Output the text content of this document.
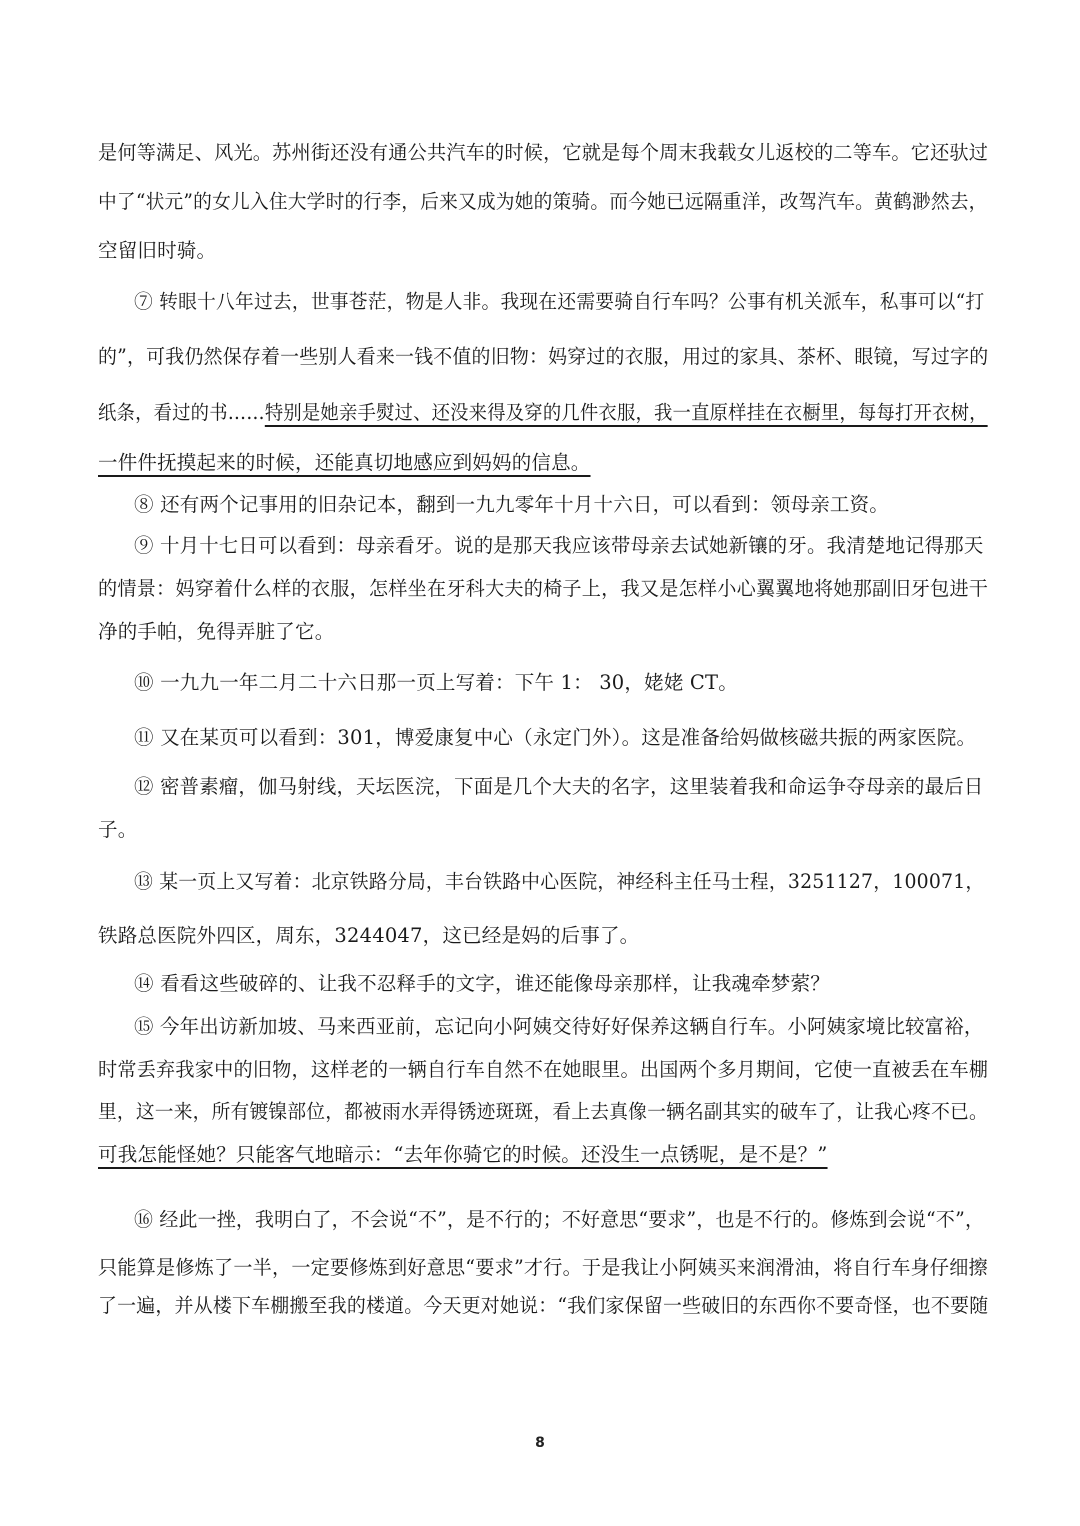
是何等满足、风光。苏州街还没有通公共汽车的时候，它就是每个周末我载女儿返校的二等车。它还驮过
中了“状元”的女儿入住大学时的行李，后来又成为她的策骑。而今她已远隔重洋，改驾汽车。黄鹤渺然去，
空留旧时骑。
⑦ 转眼十八年过去，世事苍茫，物是人非。我现在还需要骑自行车吗？公事有机关派车，私事可以“打
的”，可我仍然保存着一些别人看来一钱不值的旧物：妈穿过的衣服，用过的家具、茶杯、眼镜，写过字的
纸条，看过的书……特别是她亲手熨过、还没来得及穿的几件衣服，我一直原样挂在衣橱里，每每打开衣树，
一件件抚摸起来的时候，还能真切地感应到妈妈的信息。
⑧ 还有两个记事用的旧杂记本，翻到一九九零年十月十六日，可以看到：领母亲工资。
⑨ 十月十七日可以看到：母亲看牙。说的是那天我应该带母亲去试她新镶的牙。我清楚地记得那天
的情景：妈穿着什么样的衣服，怎样坐在牙科大夫的椅子上，我又是怎样小心翼翼地将她那副旧牙包进干
净的手帕，免得弄脏了它。
⑩ 一九九一年二月二十六日那一页上写着：下午 1： 30，姥姥 CT。
⑪ 又在某页可以看到：301，博爱康复中心（永定门外）。这是准备给妈做核磁共振的两家医院。
⑫ 密普素瘤，伽马射线，天坛医浣，下面是几个大夫的名字，这里装着我和命运争夺母亲的最后日
子。
⑬ 某一页上又写着：北京铁路分局，丰台铁路中心医院，神经科主任马士程，3251127，100071，
铁路总医院外四区，周东，3244047，这已经是妈的后事了。
⑭ 看看这些破碎的、让我不忍释手的文字，谁还能像母亲那样，让我魂牵梦萦？
⑮ 今年出访新加坡、马来西亚前，忘记向小阿姨交待好好保养这辆自行车。小阿姨家境比较富裕，
时常丢弃我家中的旧物，这样老的一辆自行车自然不在她眼里。出国两个多月期间，它使一直被丢在车棚
里，这一来，所有镀镍部位，都被雨水弄得锈迹斑斑，看上去真像一辆名副其实的破车了，让我心疼不已。
可我怎能怪她？只能客气地暗示：“去年你骑它的时候。还没生一点锈呢，是不是？”
⑯ 经此一挫，我明白了，不会说“不”，是不行的；不好意思“要求”，也是不行的。修炼到会说“不”，
只能算是修炼了一半，一定要修炼到好意思“要求”才行。于是我让小阿姨买来润滑油，将自行车身仔细擦
了一遍，并从楼下车棚搬至我的楼道。今天更对她说：“我们家保留一些破旧的东西你不要奇怪，也不要随
8
